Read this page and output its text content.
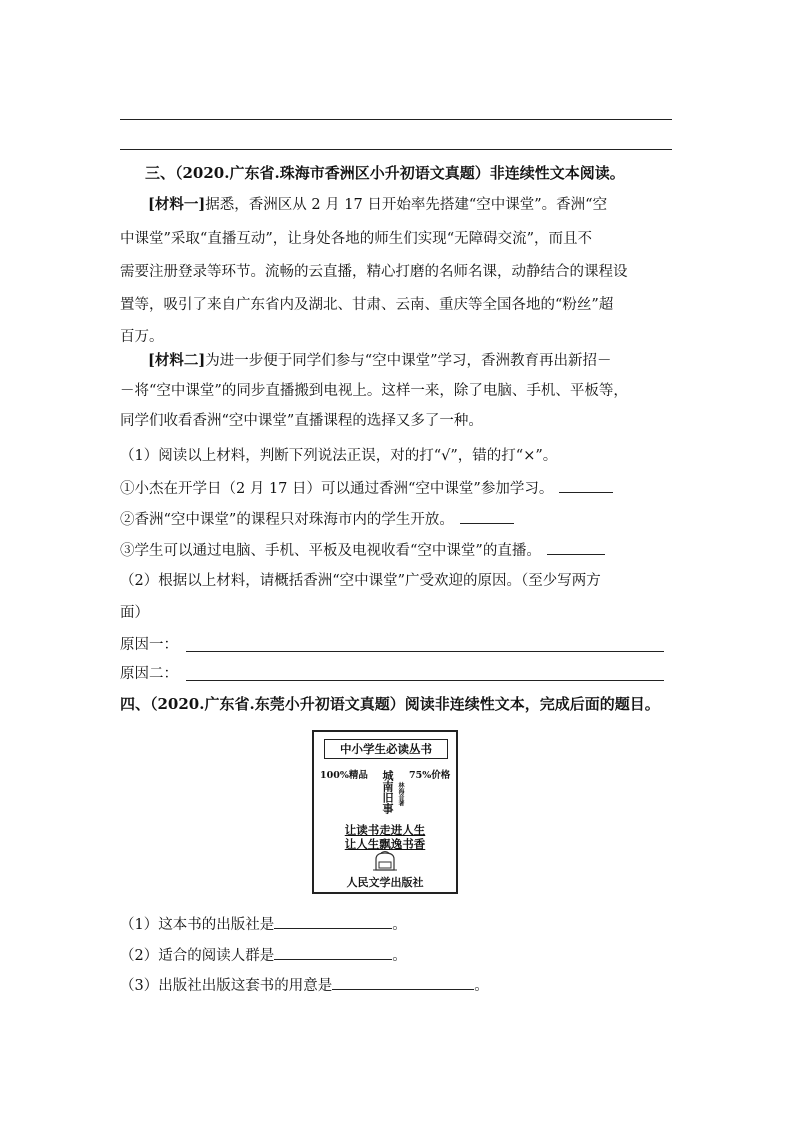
三、（2020.广东省.珠海市香洲区小升初语文真题）非连续性文本阅读。
[材料一]据悉，香洲区从 2 月 17 日开始率先搭建“空中课堂”。香洲“空
中课堂”采取“直播互动”，让身处各地的师生们实现“无障碍交流”，而且不
需要注册登录等环节。流畅的云直播，精心打磨的名师名课，动静结合的课程设
置等，吸引了来自广东省内及湖北、甘肃、云南、重庆等全国各地的“粉丝”超
百万。
[材料二]为进一步便于同学们参与“空中课堂”学习，香洲教育再出新招－
－将“空中课堂”的同步直播搬到电视上。这样一来，除了电脑、手机、平板等，
同学们收看香洲“空中课堂”直播课程的选择又多了一种。
（1）阅读以上材料，判断下列说法正误，对的打“√”，错的打“×”。
①小杰在开学日（2 月 17 日）可以通过香洲“空中课堂”参加学习。
②香洲“空中课堂”的课程只对珠海市内的学生开放。
③学生可以通过电脑、手机、平板及电视收看“空中课堂”的直播。
（2）根据以上材料，请概括香洲“空中课堂”广受欢迎的原因。（至少写两方
面）
原因一：
原因二：
四、（2020.广东省.东莞小升初语文真题）阅读非连续性文本，完成后面的题目。
中小学生必读丛书
100%精品	75%价格
城南旧事 林海音著
让读书走进人生
让人生飘逸书香
人民文学出版社
（1）这本书的出版社是	。
（2）适合的阅读人群是	。
（3）出版社出版这套书的用意是	。
